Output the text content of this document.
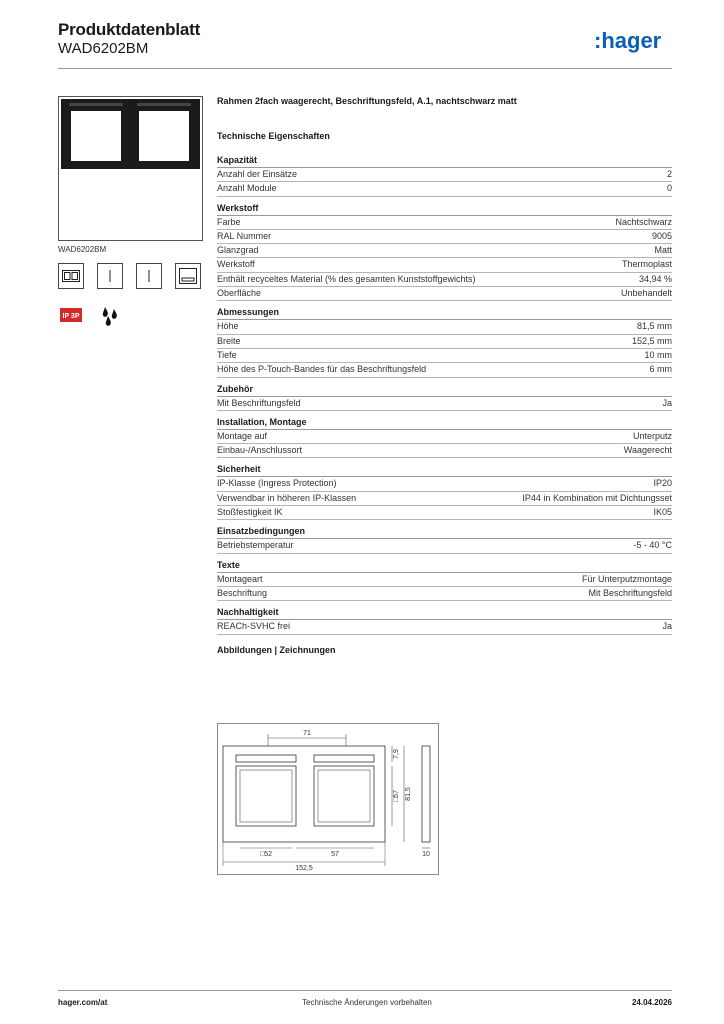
Produktdatenblatt
WAD6202BM	:hager
WAD6202BM
IP 3P
Rahmen 2fach waagerecht, Beschriftungsfeld, A.1, nachtschwarz matt
Technische Eigenschaften
Kapazität
Anzahl der Einsätze	2
Anzahl Module	0
Werkstoff
Farbe	Nachtschwarz
RAL Nummer	9005
Glanzgrad	Matt
Werkstoff	Thermoplast
Enthält recyceltes Material (% des gesamten Kunststoffgewichts)	34,94 %
Oberfläche	Unbehandelt
Abmessungen
Höhe	81,5 mm
Breite	152,5 mm
Tiefe	10 mm
Höhe des P-Touch-Bandes für das Beschriftungsfeld	6 mm
Zubehör
Mit Beschriftungsfeld	Ja
Installation, Montage
Montage auf	Unterputz
Einbau-/Anschlussort	Waagerecht
Sicherheit
IP-Klasse (Ingress Protection)	IP20
Verwendbar in höheren IP-Klassen	IP44 in Kombination mit Dichtungsset
Stoßfestigkeit IK	IK05
Einsatzbedingungen
Betriebstemperatur	-5 - 40 °C
Texte
Montageart	Für Unterputzmontage
Beschriftung	Mit Beschriftungsfeld
Nachhaltigkeit
REACh-SVHC frei	Ja
Abbildungen | Zeichnungen
71
7,9
□57 81,5
10
□52	57
152,5
hager.com/at	Technische Änderungen vorbehalten	24.04.2026
